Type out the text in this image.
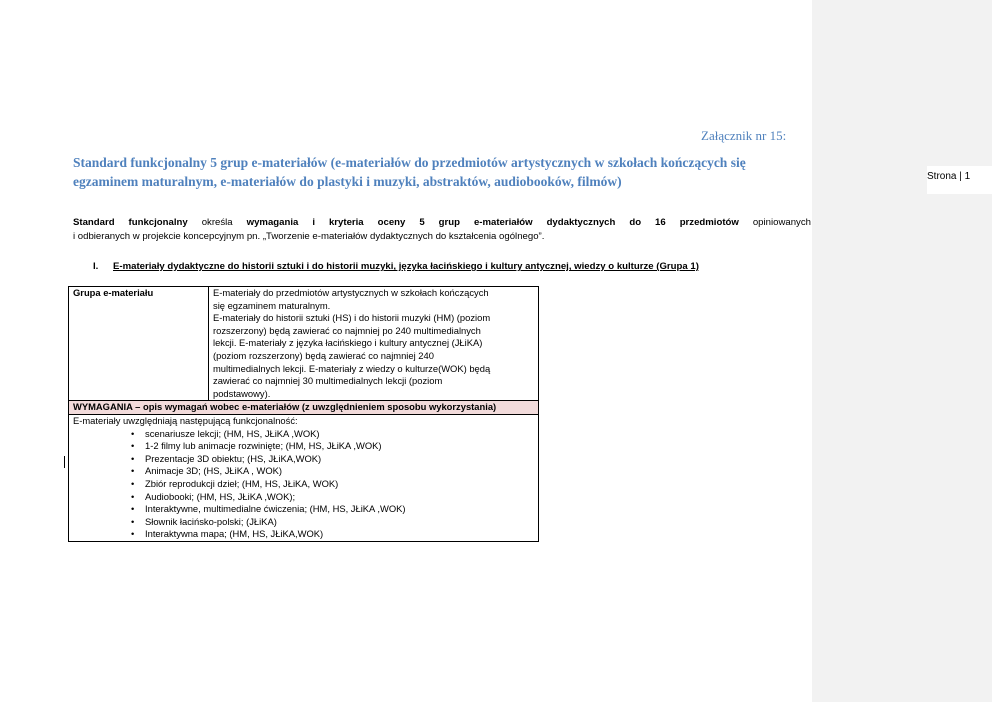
Załącznik nr 15:
Standard funkcjonalny 5 grup e-materiałów (e-materiałów do przedmiotów artystycznych w szkołach kończących się egzaminem maturalnym, e-materiałów do plastyki i muzyki, abstraktów, audiobooków, filmów)
Standard funkcjonalny określa wymagania i kryteria oceny 5 grup e-materiałów dydaktycznych do 16 przedmiotów opiniowanych
i odbieranych w projekcie koncepcyjnym pn. „Tworzenie e-materiałów dydaktycznych do kształcenia ogólnego”.
I. E-materiały dydaktyczne do historii sztuki i do historii muzyki, języka łacińskiego i kultury antycznej, wiedzy o kulturze (Grupa 1)
Grupa e-materiału	E-materiały do przedmiotów artystycznych w szkołach kończących
się egzaminem maturalnym.
E-materiały do historii sztuki (HS) i do historii muzyki (HM) (poziom
rozszerzony) będą zawierać co najmniej po 240 multimedialnych
lekcji. E-materiały z języka łacińskiego i kultury antycznej (JŁiKA)
(poziom rozszerzony) będą zawierać co najmniej 240
multimedialnych lekcji. E-materiały z wiedzy o kulturze(WOK) będą
zawierać co najmniej 30 multimedialnych lekcji (poziom
podstawowy).

WYMAGANIA – opis wymagań wobec e-materiałów (z uwzględnieniem sposobu wykorzystania)

E-materiały uwzględniają następującą funkcjonalność:
• scenariusze lekcji; (HM, HS, JŁiKA ,WOK)
• 1-2 filmy lub animacje rozwinięte; (HM, HS, JŁiKA ,WOK)
• Prezentacje 3D obiektu; (HS, JŁiKA,WOK)
• Animacje 3D; (HS, JŁiKA , WOK)
• Zbiór reprodukcji dzieł; (HM, HS, JŁiKA, WOK)
• Audiobooki; (HM, HS, JŁiKA ,WOK);
• Interaktywne, multimedialne ćwiczenia; (HM, HS, JŁiKA ,WOK)
• Słownik łacińsko-polski; (JŁiKA)
• Interaktywna mapa; (HM, HS, JŁiKA,WOK)
Strona | 1
